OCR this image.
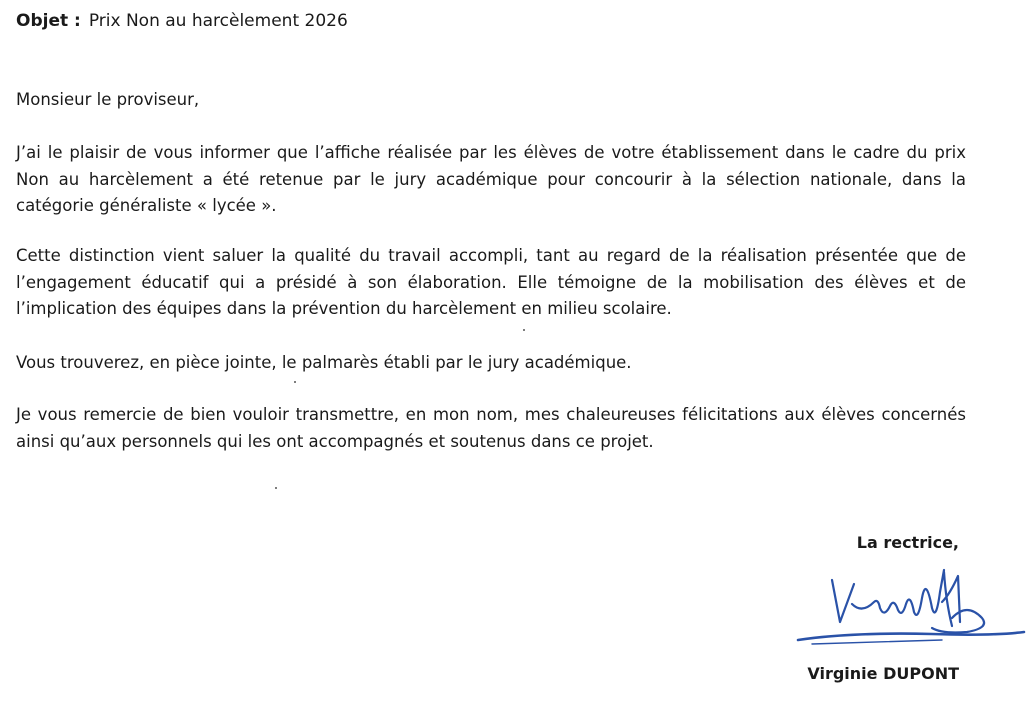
Objet : Prix Non au harcèlement 2026

Monsieur le proviseur,

J’ai le plaisir de vous informer que l’affiche réalisée par les élèves de votre établissement dans le cadre du prix Non au harcèlement a été retenue par le jury académique pour concourir à la sélection nationale, dans la catégorie généraliste « lycée ».

Cette distinction vient saluer la qualité du travail accompli, tant au regard de la réalisation présentée que de l’engagement éducatif qui a présidé à son élaboration. Elle témoigne de la mobilisation des élèves et de l’implication des équipes dans la prévention du harcèlement en milieu scolaire.

Vous trouverez, en pièce jointe, le palmarès établi par le jury académique.

Je vous remercie de bien vouloir transmettre, en mon nom, mes chaleureuses félicitations aux élèves concernés ainsi qu’aux personnels qui les ont accompagnés et soutenus dans ce projet.

La rectrice,
Virginie DUPONT
